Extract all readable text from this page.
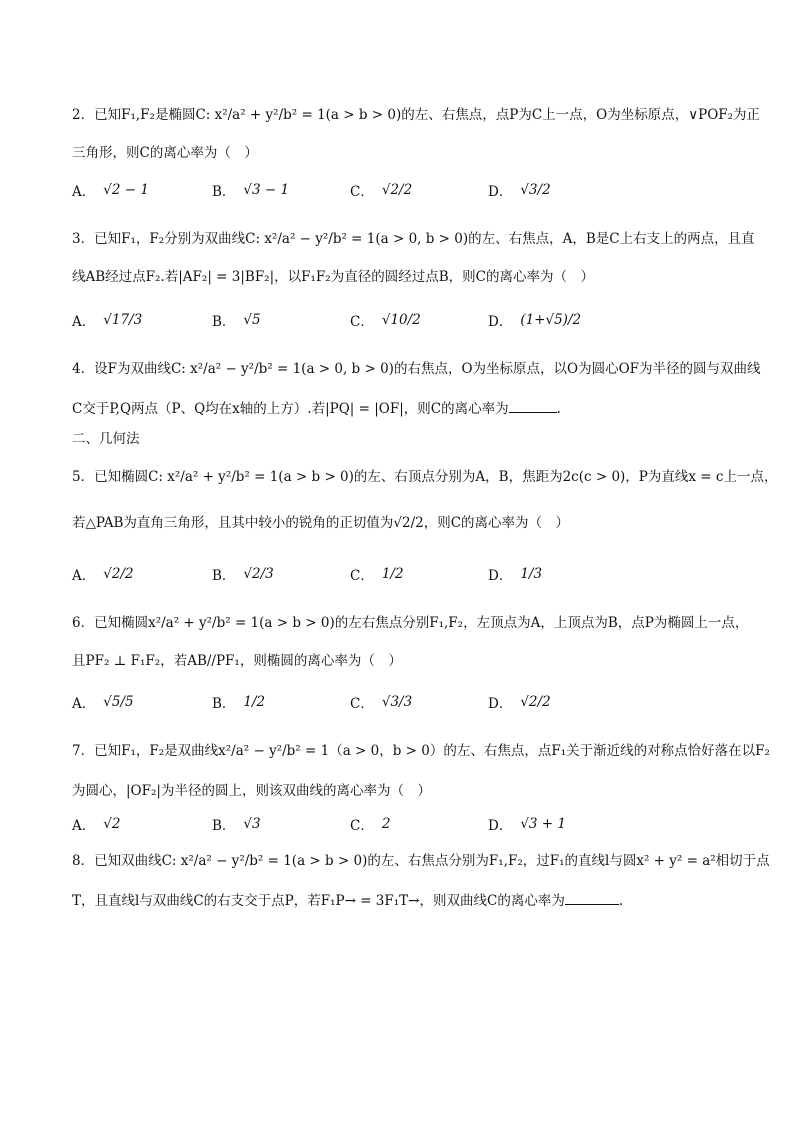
2．已知F₁,F₂是椭圆C: x²/a² + y²/b² = 1(a > b > 0)的左、右焦点，点P为C上一点，O为坐标原点，∨POF₂为正
三角形，则C的离心率为（　）
A． √2 − 1	B． √3 − 1	C． √2/2	D． √3/2
3．已知F₁，F₂分别为双曲线C: x²/a² − y²/b² = 1(a > 0, b > 0)的左、右焦点，A，B是C上右支上的两点，且直
线AB经过点F₂.若|AF₂| = 3|BF₂|，以F₁F₂为直径的圆经过点B，则C的离心率为（　）
A． √17/3	B． √5	C． √10/2	D． (1+√5)/2
4．设F为双曲线C: x²/a² − y²/b² = 1(a > 0, b > 0)的右焦点，O为坐标原点，以O为圆心OF为半径的圆与双曲线
C交于P,Q两点（P、Q均在x轴的上方）.若|PQ| = |OF|，则C的离心率为	.
二、几何法
5．已知椭圆C: x²/a² + y²/b² = 1(a > b > 0)的左、右顶点分别为A，B，焦距为2c(c > 0)，P为直线x = c上一点，
若△PAB为直角三角形，且其中较小的锐角的正切值为√2/2，则C的离心率为（　）
A． √2/2	B． √2/3	C． 1/2	D． 1/3
6．已知椭圆x²/a² + y²/b² = 1(a > b > 0)的左右焦点分别F₁,F₂，左顶点为A，上顶点为B，点P为椭圆上一点，
且PF₂ ⊥ F₁F₂，若AB//PF₁，则椭圆的离心率为（　）
A． √5/5	B． 1/2	C． √3/3	D． √2/2
7．已知F₁，F₂是双曲线x²/a² − y²/b² = 1（a > 0，b > 0）的左、右焦点，点F₁关于渐近线的对称点恰好落在以F₂
为圆心，|OF₂|为半径的圆上，则该双曲线的离心率为（　）
A． √2	B． √3	C． 2	D． √3 + 1
8．已知双曲线C: x²/a² − y²/b² = 1(a > b > 0)的左、右焦点分别为F₁,F₂，过F₁的直线l与圆x² + y² = a²相切于点
T，且直线l与双曲线C的右支交于点P，若F₁P→ = 3F₁T→，则双曲线C的离心率为	.
